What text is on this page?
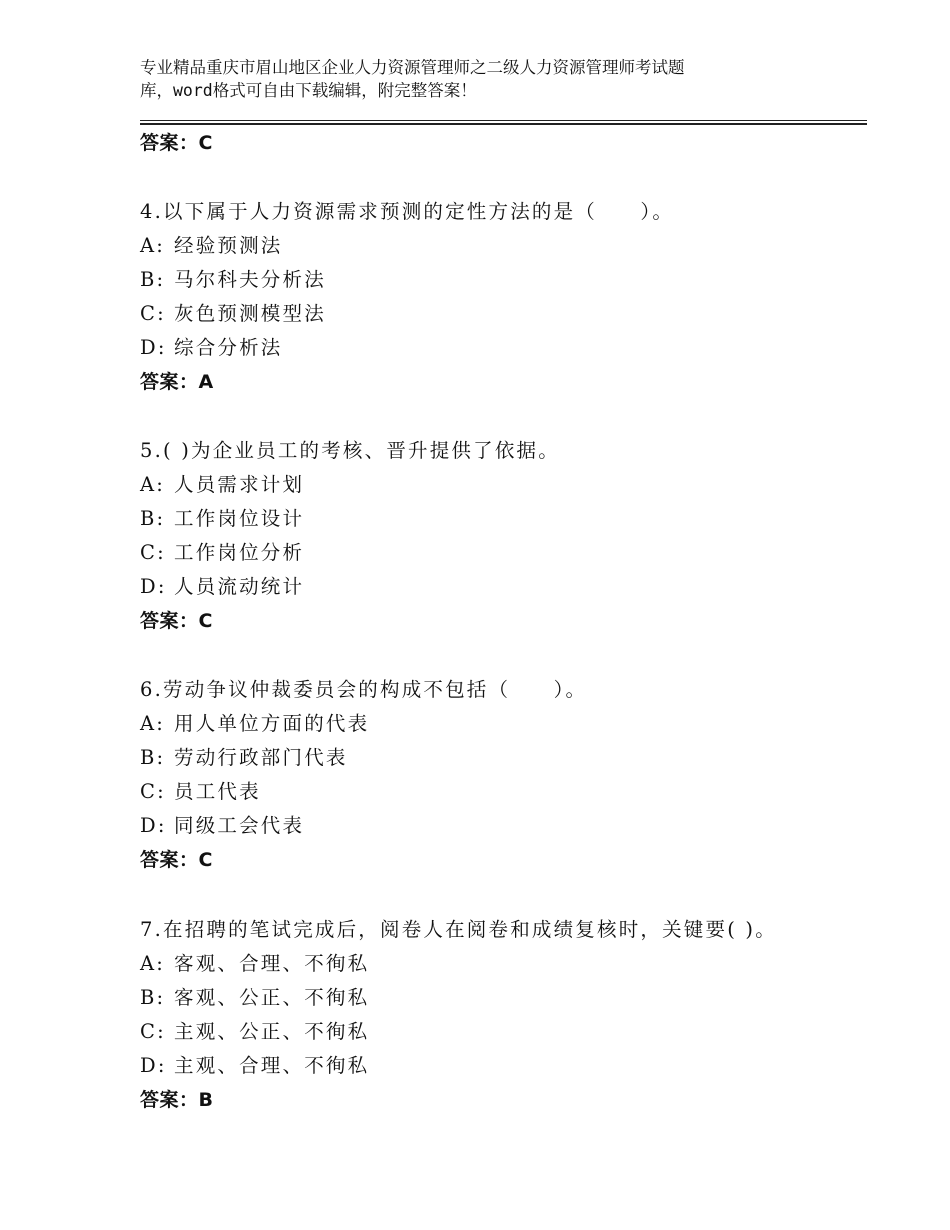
专业精品重庆市眉山地区企业人力资源管理师之二级人力资源管理师考试题
库，word格式可自由下载编辑，附完整答案！
答案：C
4.以下属于人力资源需求预测的定性方法的是（　　）。
A: 经验预测法
B: 马尔科夫分析法
C: 灰色预测模型法
D: 综合分析法
答案：A
5.( )为企业员工的考核、晋升提供了依据。
A: 人员需求计划
B: 工作岗位设计
C: 工作岗位分析
D: 人员流动统计
答案：C
6.劳动争议仲裁委员会的构成不包括（　　）。
A: 用人单位方面的代表
B: 劳动行政部门代表
C: 员工代表
D: 同级工会代表
答案：C
7.在招聘的笔试完成后，阅卷人在阅卷和成绩复核时，关键要( )。
A: 客观、合理、不徇私
B: 客观、公正、不徇私
C: 主观、公正、不徇私
D: 主观、合理、不徇私
答案：B
